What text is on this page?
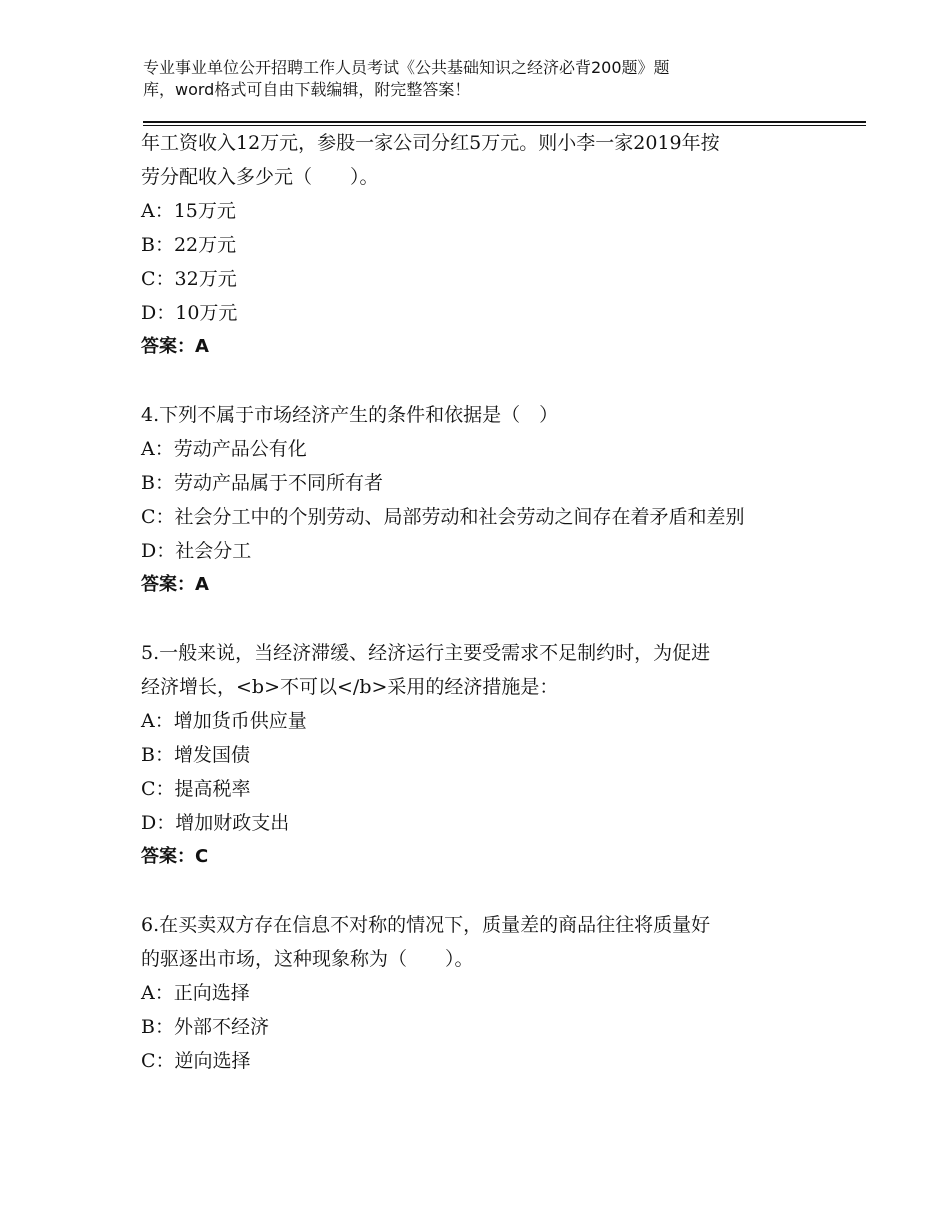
专业事业单位公开招聘工作人员考试《公共基础知识之经济必背200题》题
库，word格式可自由下载编辑，附完整答案！

年工资收入12万元，参股一家公司分红5万元。则小李一家2019年按

劳分配收入多少元（　　）。

A：15万元

B：22万元

C：32万元

D：10万元

答案：A

4.下列不属于市场经济产生的条件和依据是（　）

A：劳动产品公有化

B：劳动产品属于不同所有者

C：社会分工中的个别劳动、局部劳动和社会劳动之间存在着矛盾和差别

D：社会分工

答案：A

5.一般来说，当经济滞缓、经济运行主要受需求不足制约时，为促进

经济增长，<b>不可以</b>采用的经济措施是：

A：增加货币供应量

B：增发国债

C：提高税率

D：增加财政支出

答案：C

6.在买卖双方存在信息不对称的情况下，质量差的商品往往将质量好

的驱逐出市场，这种现象称为（　　）。

A：正向选择

B：外部不经济

C：逆向选择
